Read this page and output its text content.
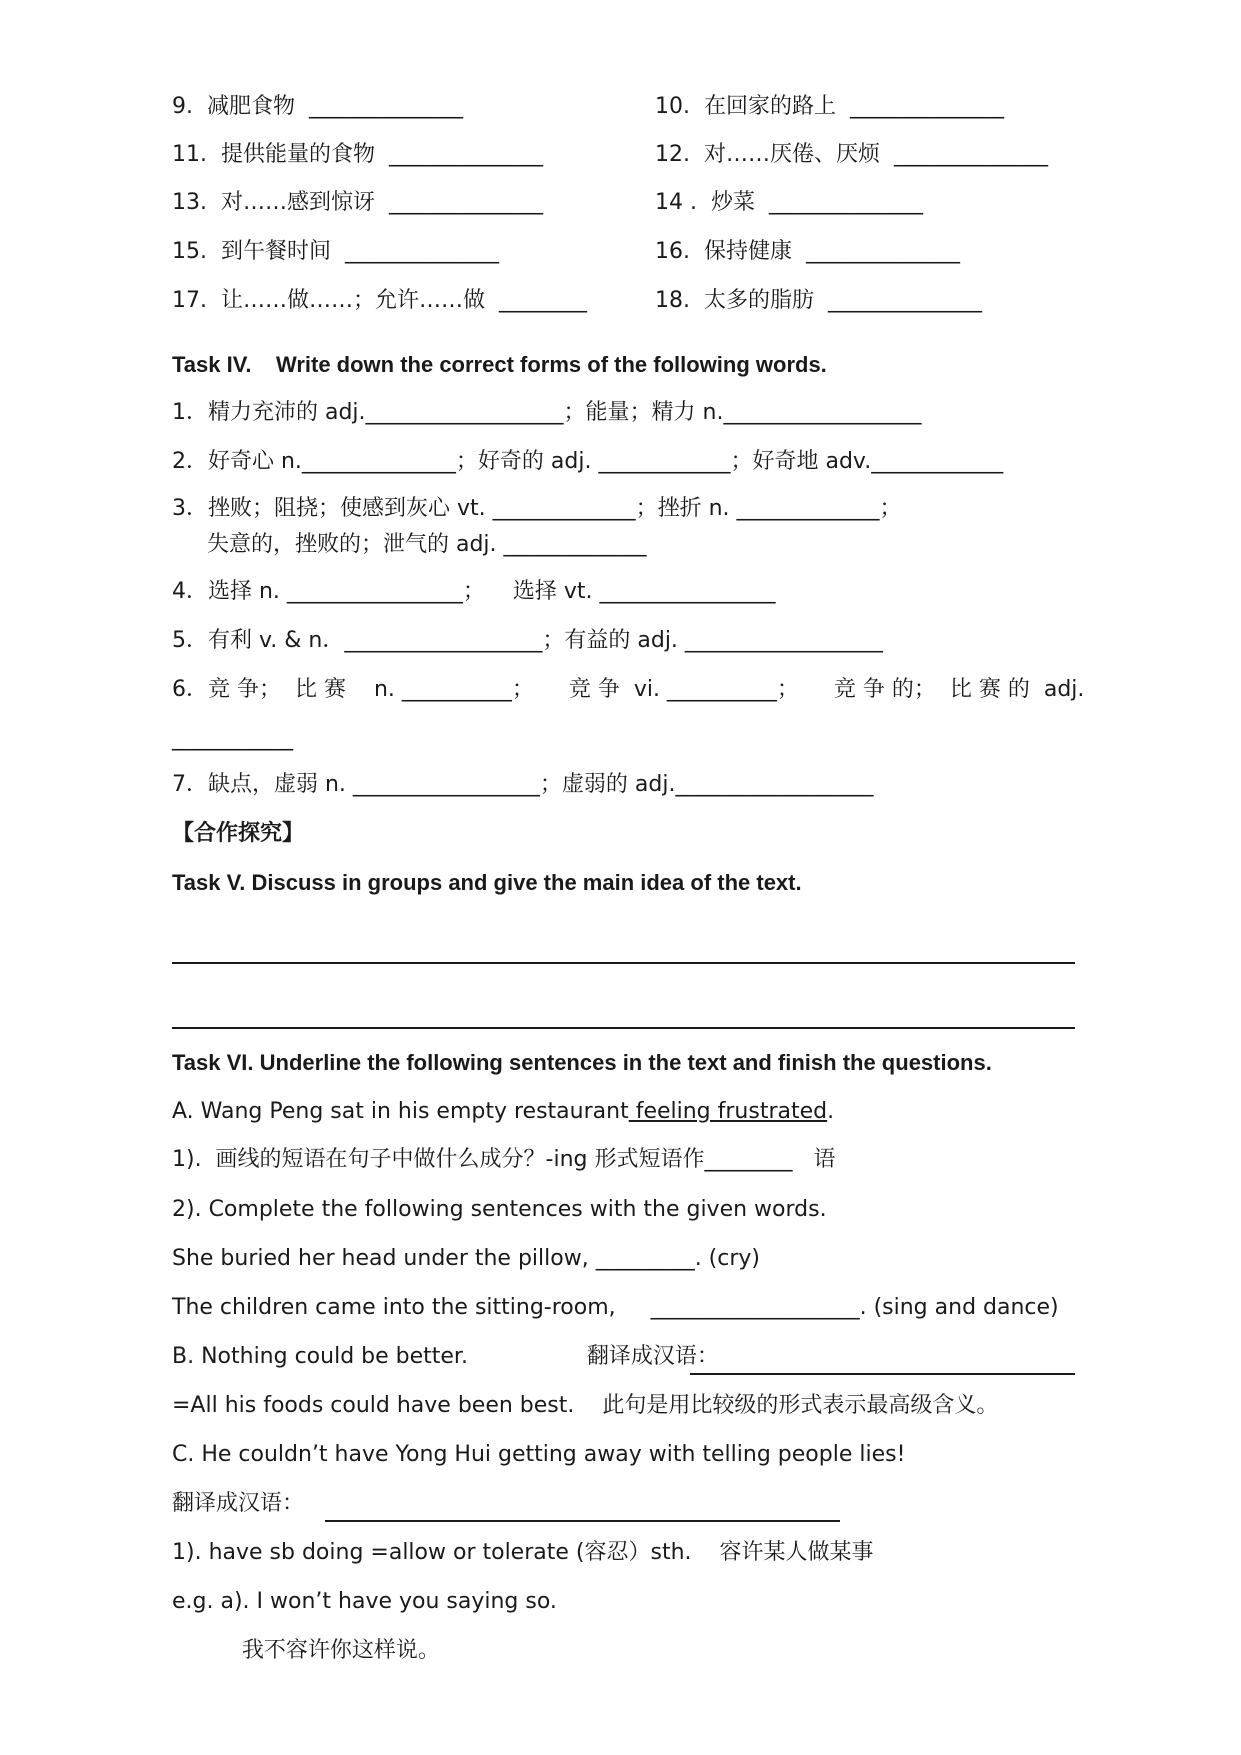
9. 减肥食物 ______________	10. 在回家的路上 ______________
11. 提供能量的食物 ______________	12. 对……厌倦、厌烦 ______________
13. 对……感到惊讶 ______________	14 . 炒菜 ______________
15. 到午餐时间 ______________	16. 保持健康 ______________
17. 让……做……；允许……做 ________	18. 太多的脂肪 ______________
Task IV.    Write down the correct forms of the following words.
1．精力充沛的 adj.__________________；能量；精力 n.__________________
2．好奇心 n.______________；好奇的 adj. ____________；好奇地 adv.____________
3．挫败；阻挠；使感到灰心 vt. _____________；挫折 n. _____________；
失意的，挫败的；泄气的 adj. _____________
4．选择 n. ________________；    选择 vt. ________________
5．有利 v. & n．__________________；有益的 adj. __________________
6．竞 争；  比 赛    n. __________；     竞 争  vi. __________；     竞 争 的；  比 赛 的  adj.
___________
7．缺点，虚弱 n. _________________；虚弱的 adj.__________________
【合作探究】
Task V. Discuss in groups and give the main idea of the text.
Task VI. Underline the following sentences in the text and finish the questions.
A. Wang Peng sat in his empty restaurant feeling frustrated.
1).  画线的短语在句子中做什么成分？-ing 形式短语作________   语
2). Complete the following sentences with the given words.
She buried her head under the pillow, _________. (cry)
The children came into the sitting-room,     ___________________. (sing and dance)
B. Nothing could be better.                 翻译成汉语：
=All his foods could have been best.    此句是用比较级的形式表示最高级含义。
C. He couldn’t have Yong Hui getting away with telling people lies!
翻译成汉语：
1). have sb doing =allow or tolerate (容忍）sth.    容许某人做某事
e.g. a). I won’t have you saying so.
我不容许你这样说。
